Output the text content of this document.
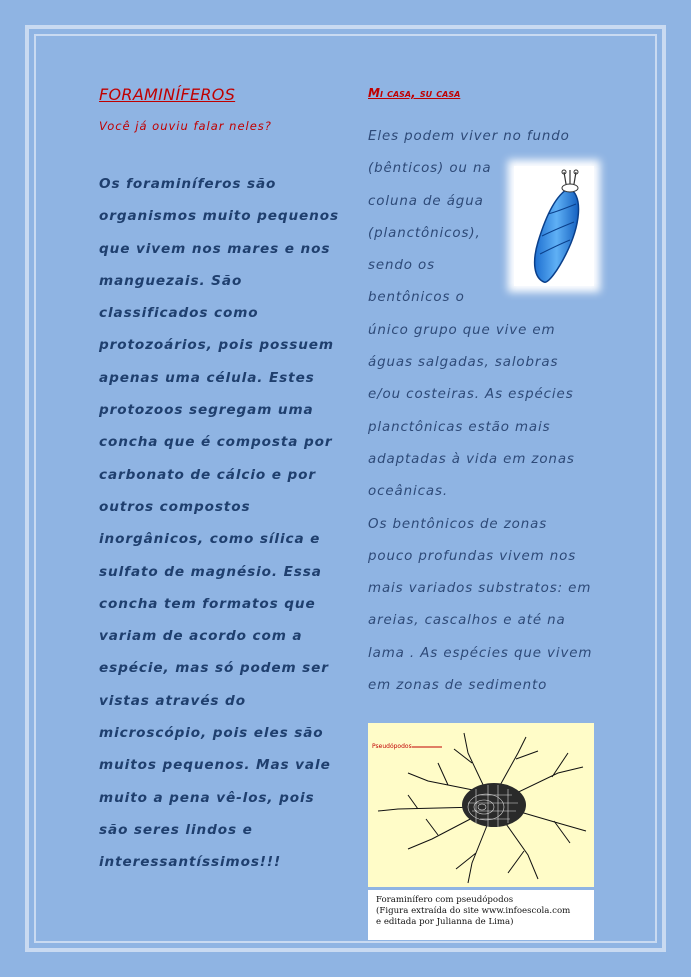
FORAMINÍFEROS
Você já ouviu falar neles?

Os foraminíferos são
organismos muito pequenos
que vivem nos mares e nos
manguezais. São
classificados como
protozoários, pois possuem
apenas uma célula. Estes
protozoos segregam uma
concha que é composta por
carbonato de cálcio e por
outros compostos
inorgânicos, como sílica e
sulfato de magnésio. Essa
concha tem formatos que
variam de acordo com a
espécie, mas só podem ser
vistas através do
microscópio, pois eles são
muitos pequenos. Mas vale
muito a pena vê-los, pois
são seres lindos e
interessantíssimos!!!

Mi casa, su casa

Eles podem viver no fundo
(bênticos) ou na
coluna de água
(planctônicos),
sendo os
bentônicos o
único grupo que vive em
águas salgadas, salobras
e/ou costeiras. As espécies
planctônicas estão mais
adaptadas à vida em zonas
oceânicas.
Os bentônicos de zonas
pouco profundas vivem nos
mais variados substratos: em
areias, cascalhos e até na
lama . As espécies que vivem
em zonas de sedimento

Pseudópodos
Foraminífero com pseudópodos
(Figura extraída do site www.infoescola.com
e editada por Julianna de Lima)
